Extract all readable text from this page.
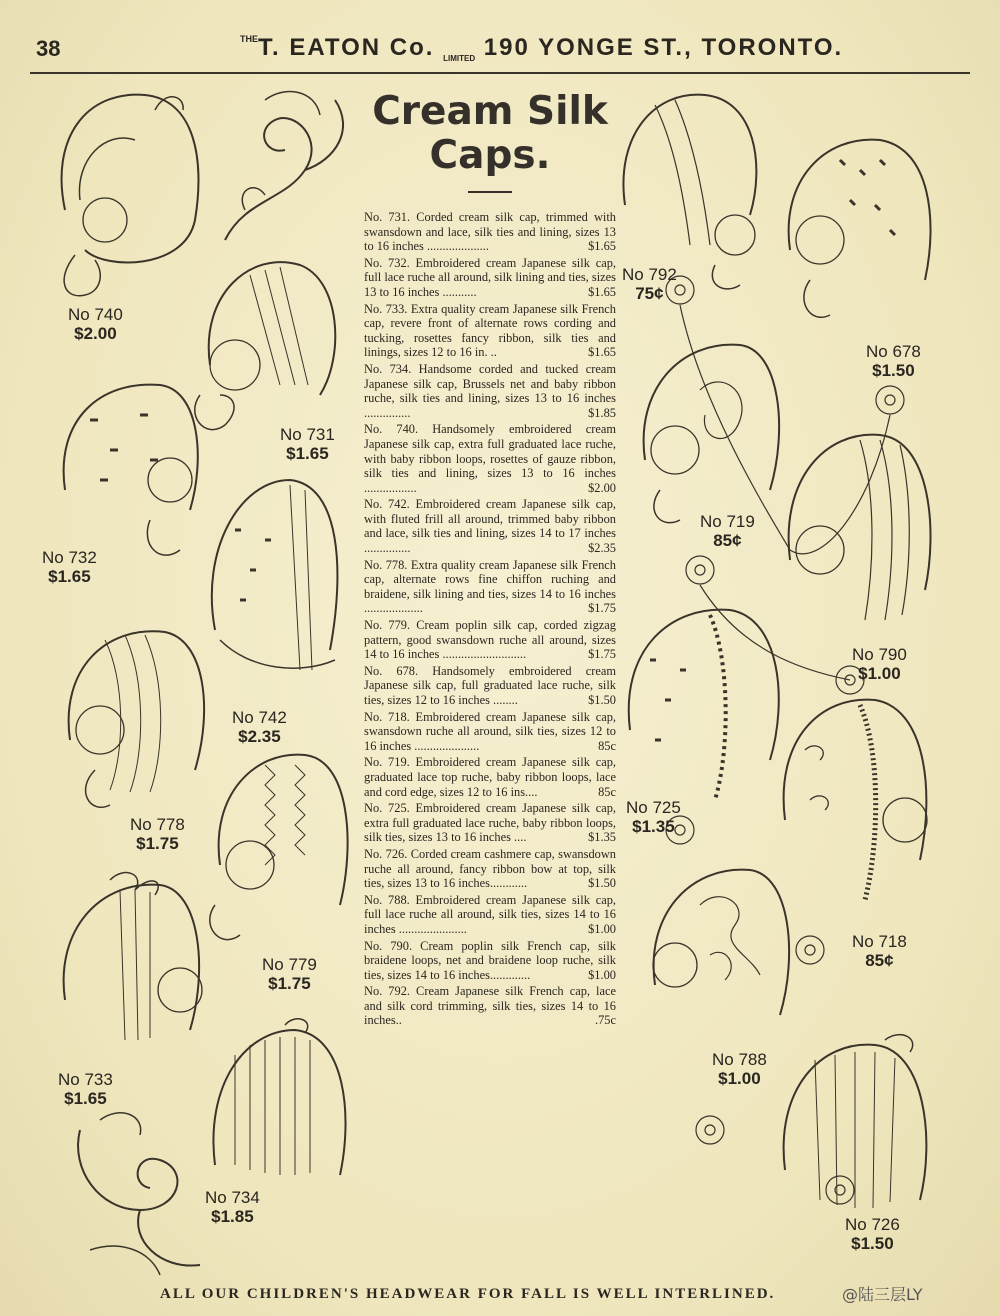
38	$^{THE}$T. EATON Co. $_{LIMITED}$ 190 YONGE ST., TORONTO.
Cream Silk
Caps.
No. 731. Corded cream silk cap, trimmed with swansdown and lace, silk ties and lining, sizes 13 to 16 inches ....................	$1.65
No. 732. Embroidered cream Japanese silk cap, full lace ruche all around, silk lining and ties, sizes 13 to 16 inches ...........	$1.65
No. 733. Extra quality cream Japanese silk French cap, revere front of alternate rows cording and tucking, rosettes fancy ribbon, silk ties and linings, sizes 12 to 16 in. ..	$1.65
No. 734. Handsome corded and tucked cream Japanese silk cap, Brussels net and baby ribbon ruche, silk ties and lining, sizes 13 to 16 inches ...............	$1.85
No. 740. Handsomely embroidered cream Japanese silk cap, extra full graduated lace ruche, with baby ribbon loops, rosettes of gauze ribbon, silk ties and lining, sizes 13 to 16 inches .................	$2.00
No. 742. Embroidered cream Japanese silk cap, with fluted frill all around, trimmed baby ribbon and lace, silk ties and lining, sizes 14 to 17 inches ...............	$2.35
No. 778. Extra quality cream Japanese silk French cap, alternate rows fine chiffon ruching and braidene, silk lining and ties, sizes 14 to 16 inches ...................	$1.75
No. 779. Cream poplin silk cap, corded zigzag pattern, good swansdown ruche all around, sizes 14 to 16 inches ...........................	$1.75
No. 678. Handsomely embroidered cream Japanese silk cap, full graduated lace ruche, silk ties, sizes 12 to 16 inches ........	$1.50
No. 718. Embroidered cream Japanese silk cap, swansdown ruche all around, silk ties, sizes 12 to 16 inches .....................	85c
No. 719. Embroidered cream Japanese silk cap, graduated lace top ruche, baby ribbon loops, lace and cord edge, sizes 12 to 16 ins....	85c
No. 725. Embroidered cream Japanese silk cap, extra full graduated lace ruche, baby ribbon loops, silk ties, sizes 13 to 16 inches ....	$1.35
No. 726. Corded cream cashmere cap, swansdown ruche all around, fancy ribbon bow at top, silk ties, sizes 13 to 16 inches............	$1.50
No. 788. Embroidered cream Japanese silk cap, full lace ruche all around, silk ties, sizes 14 to 16 inches ......................	$1.00
No. 790. Cream poplin silk French cap, silk braidene loops, net and braidene loop ruche, silk ties, sizes 14 to 16 inches.............	$1.00
No. 792. Cream Japanese silk French cap, lace and silk cord trimming, silk ties, sizes 14 to 16 inches..	.75c
No 740
$2.00
No 731
$1.65
No 732
$1.65
No 742
$2.35
No 778
$1.75
No 779
$1.75
No 733
$1.65
No 734
$1.85
No 792
75¢
No 678
$1.50
No 719
85¢
No 790
$1.00
No 725
$1.35
No 718
85¢
No 788
$1.00
No 726
$1.50
ALL OUR CHILDREN'S HEADWEAR FOR FALL IS WELL INTERLINED.	@陆三层LY
